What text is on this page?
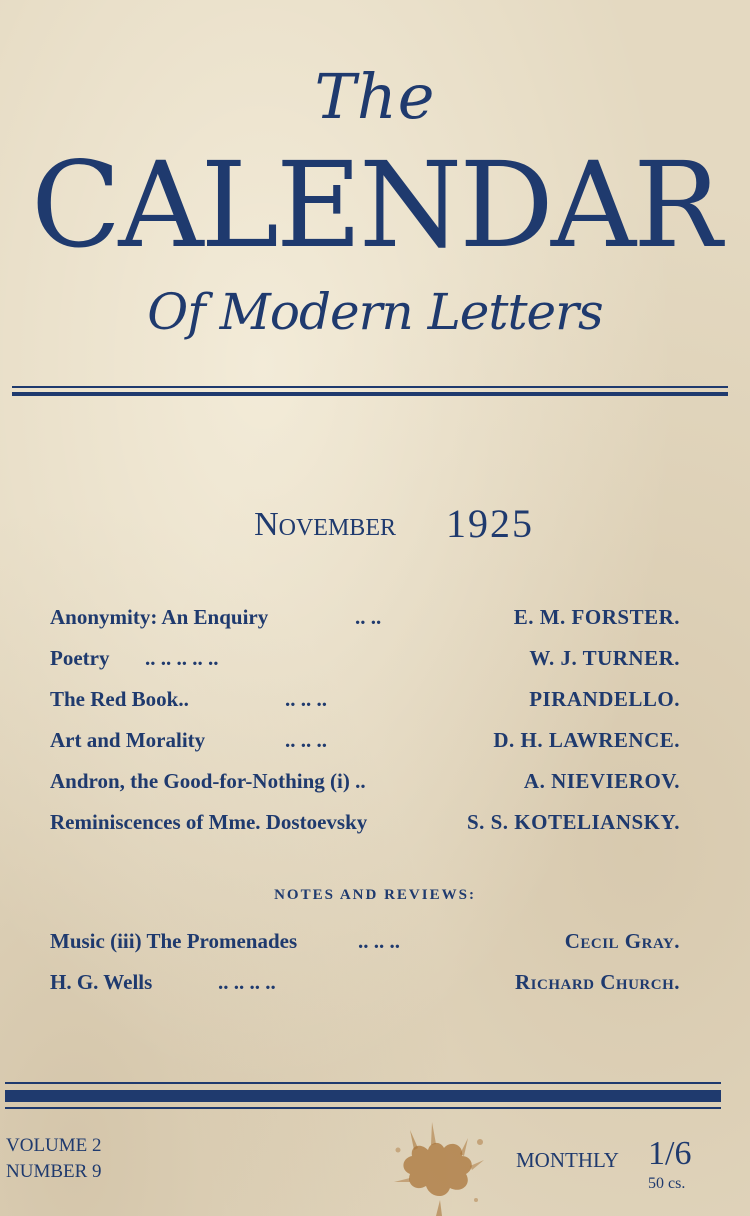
The
CALENDAR
Of Modern Letters
November 1925
Anonymity: An Enquiry	.. ..	E. M. FORSTER.
Poetry .. .. .. .. ..	W. J. TURNER.
The Red Book..	.. .. ..	PIRANDELLO.
Art and Morality	.. .. ..	D. H. LAWRENCE.
Andron, the Good-for-Nothing (i) ..	A. NIEVIEROV.
Reminiscences of Mme. Dostoevsky	S. S. KOTELIANSKY.
NOTES AND REVIEWS:
Music (iii) The Promenades	.. .. ..	Cecil Gray.
H. G. Wells	.. .. .. ..	Richard Church.
VOLUME 2
NUMBER 9	MONTHLY 1/6
50 cs.
